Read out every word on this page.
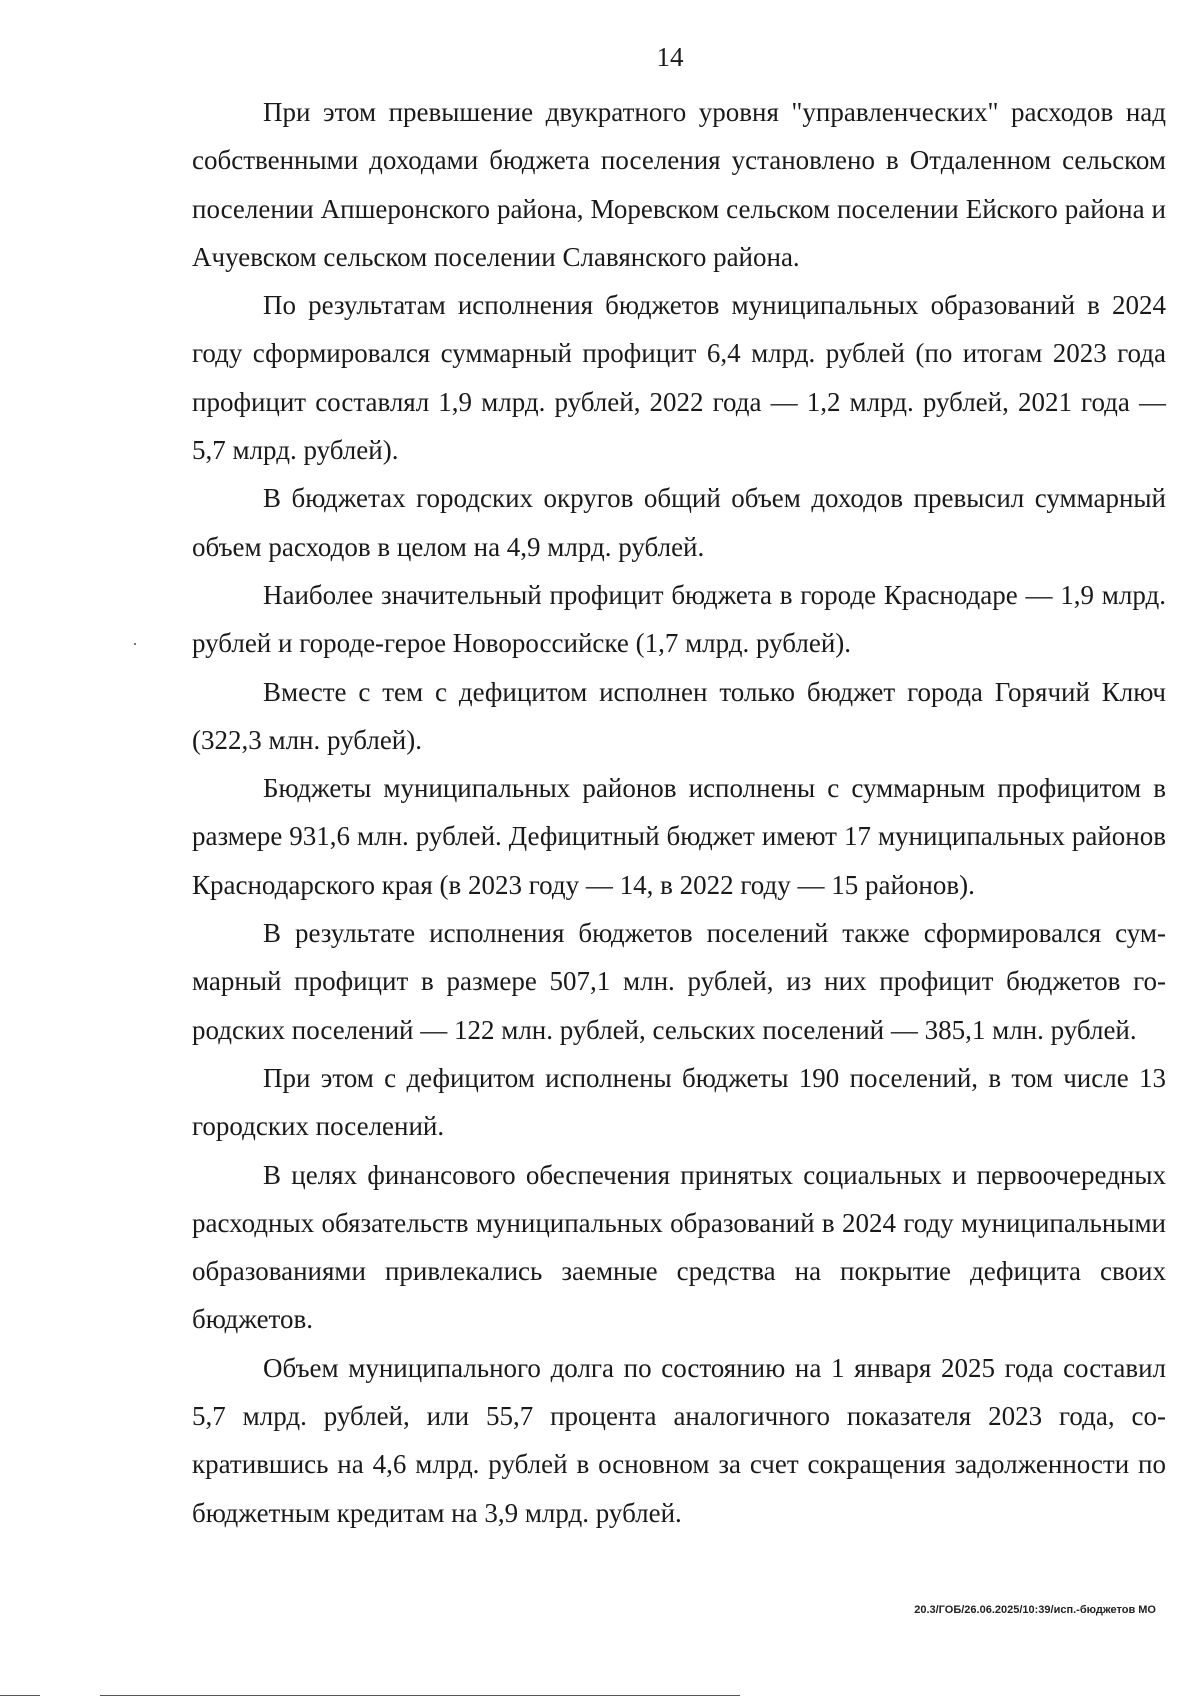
14

При этом превышение двукратного уровня "управленческих" расходов над собственными доходами бюджета поселения установлено в Отдаленном сельском поселении Апшеронского района, Моревском сельском поселении Ейского района и Ачуевском сельском поселении Славянского района.

По результатам исполнения бюджетов муниципальных образований в 2024 году сформировался суммарный профицит 6,4 млрд. рублей (по итогам 2023 года профицит составлял 1,9 млрд. рублей, 2022 года — 1,2 млрд. рублей, 2021 года — 5,7 млрд. рублей).

В бюджетах городских округов общий объем доходов превысил суммарный объем расходов в целом на 4,9 млрд. рублей.

Наиболее значительный профицит бюджета в городе Краснодаре — 1,9 млрд. рублей и городе-герое Новороссийске (1,7 млрд. рублей).

Вместе с тем с дефицитом исполнен только бюджет города Горячий Ключ (322,3 млн. рублей).

Бюджеты муниципальных районов исполнены с суммарным профицитом в размере 931,6 млн. рублей. Дефицитный бюджет имеют 17 муниципальных районов Краснодарского края (в 2023 году — 14, в 2022 году — 15 районов).

В результате исполнения бюджетов поселений также сформировался суммарный профицит в размере 507,1 млн. рублей, из них профицит бюджетов городских поселений — 122 млн. рублей, сельских поселений — 385,1 млн. рублей.

При этом с дефицитом исполнены бюджеты 190 поселений, в том числе 13 городских поселений.

В целях финансового обеспечения принятых социальных и первоочередных расходных обязательств муниципальных образований в 2024 году муниципальными образованиями привлекались заемные средства на покрытие дефицита своих бюджетов.

Объем муниципального долга по состоянию на 1 января 2025 года составил 5,7 млрд. рублей, или 55,7 процента аналогичного показателя 2023 года, сократившись на 4,6 млрд. рублей в основном за счет сокращения задолженности по бюджетным кредитам на 3,9 млрд. рублей.

20.3/ГОБ/26.06.2025/10:39/исп.-бюджетов МО
